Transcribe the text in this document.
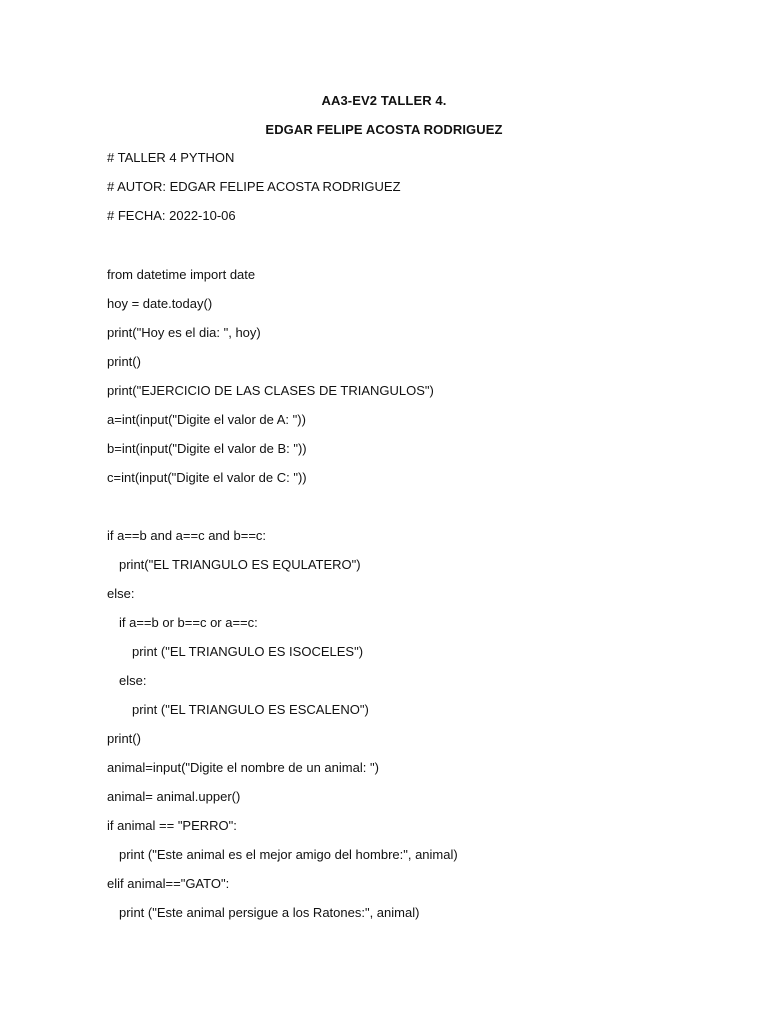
AA3-EV2 TALLER 4.
EDGAR FELIPE ACOSTA RODRIGUEZ
# TALLER 4 PYTHON
# AUTOR: EDGAR FELIPE ACOSTA RODRIGUEZ
# FECHA: 2022-10-06
from datetime import date
hoy = date.today()
print("Hoy es el dia: ", hoy)
print()
print("EJERCICIO DE LAS CLASES DE TRIANGULOS")
a=int(input("Digite el valor de A: "))
b=int(input("Digite el valor de B: "))
c=int(input("Digite el valor de C: "))
if a==b and a==c and b==c:
print("EL TRIANGULO ES EQULATERO")
else:
if a==b or b==c or a==c:
print ("EL TRIANGULO ES ISOCELES")
else:
print ("EL TRIANGULO ES ESCALENO")
print()
animal=input("Digite el nombre de un animal: ")
animal= animal.upper()
if animal == "PERRO":
print ("Este animal es el mejor amigo del hombre:", animal)
elif animal=="GATO":
print ("Este animal persigue a los Ratones:", animal)
